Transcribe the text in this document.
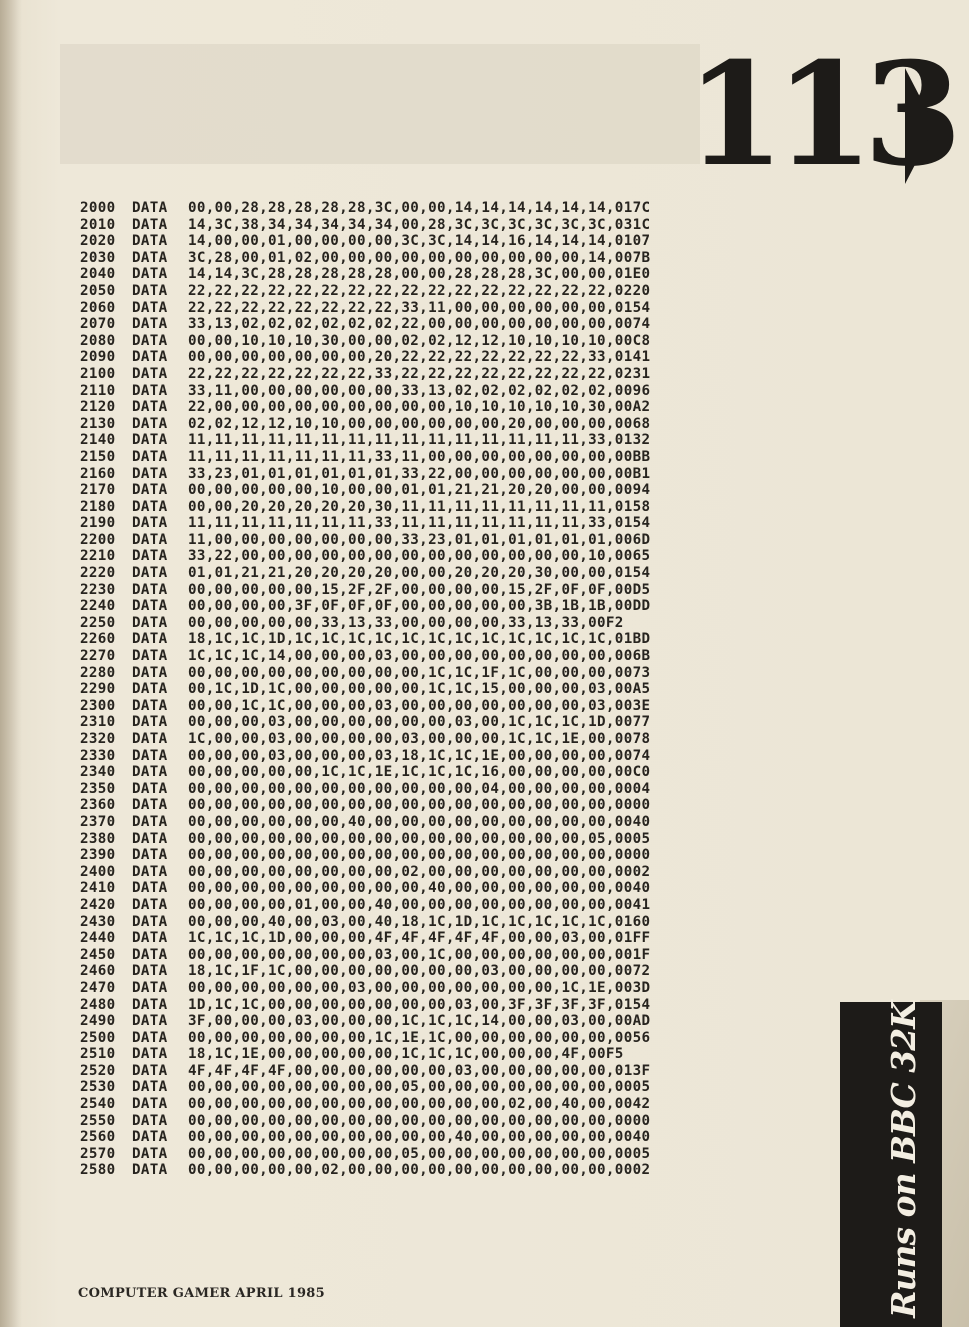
113
2000 DATA 00,00,28,28,28,28,28,3C,00,00,14,14,14,14,14,14,017C
2010 DATA 14,3C,38,34,34,34,34,34,00,28,3C,3C,3C,3C,3C,3C,031C
2020 DATA 14,00,00,01,00,00,00,00,3C,3C,14,14,16,14,14,14,0107
2030 DATA 3C,28,00,01,02,00,00,00,00,00,00,00,00,00,00,14,007B
2040 DATA 14,14,3C,28,28,28,28,28,00,00,28,28,28,3C,00,00,01E0
2050 DATA 22,22,22,22,22,22,22,22,22,22,22,22,22,22,22,22,0220
2060 DATA 22,22,22,22,22,22,22,22,33,11,00,00,00,00,00,00,0154
2070 DATA 33,13,02,02,02,02,02,02,22,00,00,00,00,00,00,00,0074
2080 DATA 00,00,10,10,10,30,00,00,02,02,12,12,10,10,10,10,00C8
2090 DATA 00,00,00,00,00,00,00,20,22,22,22,22,22,22,22,33,0141
2100 DATA 22,22,22,22,22,22,22,33,22,22,22,22,22,22,22,22,0231
2110 DATA 33,11,00,00,00,00,00,00,33,13,02,02,02,02,02,02,0096
2120 DATA 22,00,00,00,00,00,00,00,00,00,10,10,10,10,10,30,00A2
2130 DATA 02,02,12,12,10,10,00,00,00,00,00,00,20,00,00,00,0068
2140 DATA 11,11,11,11,11,11,11,11,11,11,11,11,11,11,11,33,0132
2150 DATA 11,11,11,11,11,11,11,33,11,00,00,00,00,00,00,00,00BB
2160 DATA 33,23,01,01,01,01,01,01,33,22,00,00,00,00,00,00,00B1
2170 DATA 00,00,00,00,00,10,00,00,01,01,21,21,20,20,00,00,0094
2180 DATA 00,00,20,20,20,20,20,30,11,11,11,11,11,11,11,11,0158
2190 DATA 11,11,11,11,11,11,11,33,11,11,11,11,11,11,11,33,0154
2200 DATA 11,00,00,00,00,00,00,00,33,23,01,01,01,01,01,01,006D
2210 DATA 33,22,00,00,00,00,00,00,00,00,00,00,00,00,00,10,0065
2220 DATA 01,01,21,21,20,20,20,20,00,00,20,20,20,30,00,00,0154
2230 DATA 00,00,00,00,00,15,2F,2F,00,00,00,00,15,2F,0F,0F,00D5
2240 DATA 00,00,00,00,3F,0F,0F,0F,00,00,00,00,00,3B,1B,1B,00DD
2250 DATA 00,00,00,00,00,33,13,33,00,00,00,00,33,13,33,00F2
2260 DATA 18,1C,1C,1D,1C,1C,1C,1C,1C,1C,1C,1C,1C,1C,1C,1C,01BD
2270 DATA 1C,1C,1C,14,00,00,00,03,00,00,00,00,00,00,00,00,006B
2280 DATA 00,00,00,00,00,00,00,00,00,1C,1C,1F,1C,00,00,00,0073
2290 DATA 00,1C,1D,1C,00,00,00,00,00,1C,1C,15,00,00,00,03,00A5
2300 DATA 00,00,1C,1C,00,00,00,03,00,00,00,00,00,00,00,03,003E
2310 DATA 00,00,00,03,00,00,00,00,00,00,03,00,1C,1C,1C,1D,0077
2320 DATA 1C,00,00,03,00,00,00,00,03,00,00,00,1C,1C,1E,00,0078
2330 DATA 00,00,00,03,00,00,00,03,18,1C,1C,1E,00,00,00,00,0074
2340 DATA 00,00,00,00,00,1C,1C,1E,1C,1C,1C,16,00,00,00,00,00C0
2350 DATA 00,00,00,00,00,00,00,00,00,00,00,04,00,00,00,00,0004
2360 DATA 00,00,00,00,00,00,00,00,00,00,00,00,00,00,00,00,0000
2370 DATA 00,00,00,00,00,00,40,00,00,00,00,00,00,00,00,00,0040
2380 DATA 00,00,00,00,00,00,00,00,00,00,00,00,00,00,00,05,0005
2390 DATA 00,00,00,00,00,00,00,00,00,00,00,00,00,00,00,00,0000
2400 DATA 00,00,00,00,00,00,00,00,02,00,00,00,00,00,00,00,0002
2410 DATA 00,00,00,00,00,00,00,00,00,40,00,00,00,00,00,00,0040
2420 DATA 00,00,00,00,01,00,00,40,00,00,00,00,00,00,00,00,0041
2430 DATA 00,00,00,40,00,03,00,40,18,1C,1D,1C,1C,1C,1C,1C,0160
2440 DATA 1C,1C,1C,1D,00,00,00,4F,4F,4F,4F,4F,00,00,03,00,01FF
2450 DATA 00,00,00,00,00,00,00,03,00,1C,00,00,00,00,00,00,001F
2460 DATA 18,1C,1F,1C,00,00,00,00,00,00,00,03,00,00,00,00,0072
2470 DATA 00,00,00,00,00,00,03,00,00,00,00,00,00,00,1C,1E,003D
2480 DATA 1D,1C,1C,00,00,00,00,00,00,00,03,00,3F,3F,3F,3F,0154
2490 DATA 3F,00,00,00,03,00,00,00,1C,1C,1C,14,00,00,03,00,00AD
2500 DATA 00,00,00,00,00,00,00,1C,1E,1C,00,00,00,00,00,00,0056
2510 DATA 18,1C,1E,00,00,00,00,00,1C,1C,1C,00,00,00,4F,00F5
2520 DATA 4F,4F,4F,4F,00,00,00,00,00,00,03,00,00,00,00,00,013F
2530 DATA 00,00,00,00,00,00,00,00,05,00,00,00,00,00,00,00,0005
2540 DATA 00,00,00,00,00,00,00,00,00,00,00,00,02,00,40,00,0042
2550 DATA 00,00,00,00,00,00,00,00,00,00,00,00,00,00,00,00,0000
2560 DATA 00,00,00,00,00,00,00,00,00,00,40,00,00,00,00,00,0040
2570 DATA 00,00,00,00,00,00,00,00,05,00,00,00,00,00,00,00,0005
2580 DATA 00,00,00,00,00,02,00,00,00,00,00,00,00,00,00,00,0002	Runs on BBC 32K
COMPUTER GAMER APRIL 1985
